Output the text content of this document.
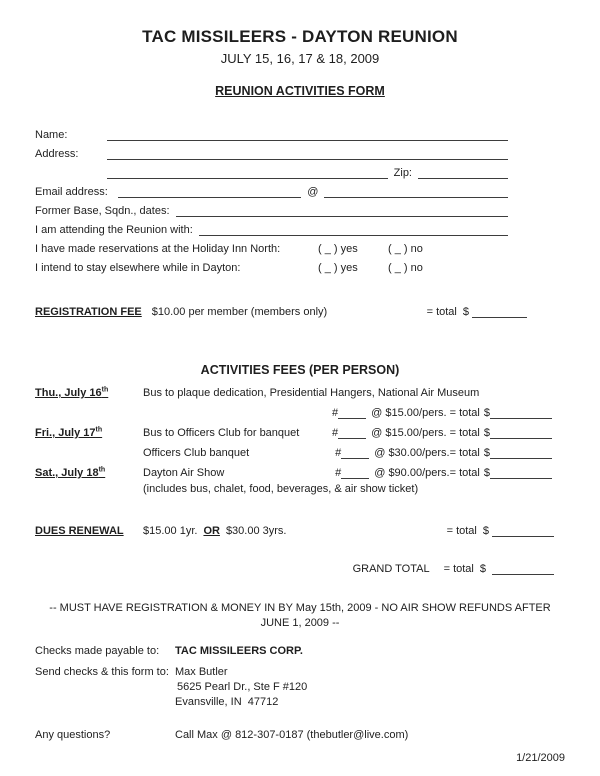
TAC MISSILEERS - DAYTON REUNION
JULY 15, 16, 17 & 18, 2009
REUNION ACTIVITIES FORM
Name:
Address:
Zip:
Email address:	@
Former Base, Sqdn., dates:
I am attending the Reunion with:
I have made reservations at the Holiday Inn North:	( _ ) yes	( _ ) no
I intend to stay elsewhere while in Dayton:	( _ ) yes	( _ ) no
REGISTRATION FEE $10.00 per member (members only)	= total $
ACTIVITIES FEES (PER PERSON)
Thu., July 16th	Bus to plaque dedication, Presidential Hangers, National Air Museum
#	@ $15.00/pers. = total $
Fri., July 17th	Bus to Officers Club for banquet	#	@ $15.00/pers. = total $
Officers Club banquet	#	@ $30.00/pers.= total $
Sat., July 18th	Dayton Air Show	#	@ $90.00/pers.= total $
(includes bus, chalet, food, beverages, & air show ticket)
DUES RENEWAL	$15.00 1yr. OR $30.00 3yrs.	= total $
GRAND TOTAL = total $
-- MUST HAVE REGISTRATION & MONEY IN BY May 15th, 2009 - NO AIR SHOW REFUNDS AFTER JUNE 1, 2009 --
Checks made payable to:	TAC MISSILEERS CORP.
Send checks & this form to: Max Butler
5625 Pearl Dr., Ste F #120
Evansville, IN  47712
Any questions?	Call Max @ 812-307-0187 (thebutler@live.com)
1/21/2009
